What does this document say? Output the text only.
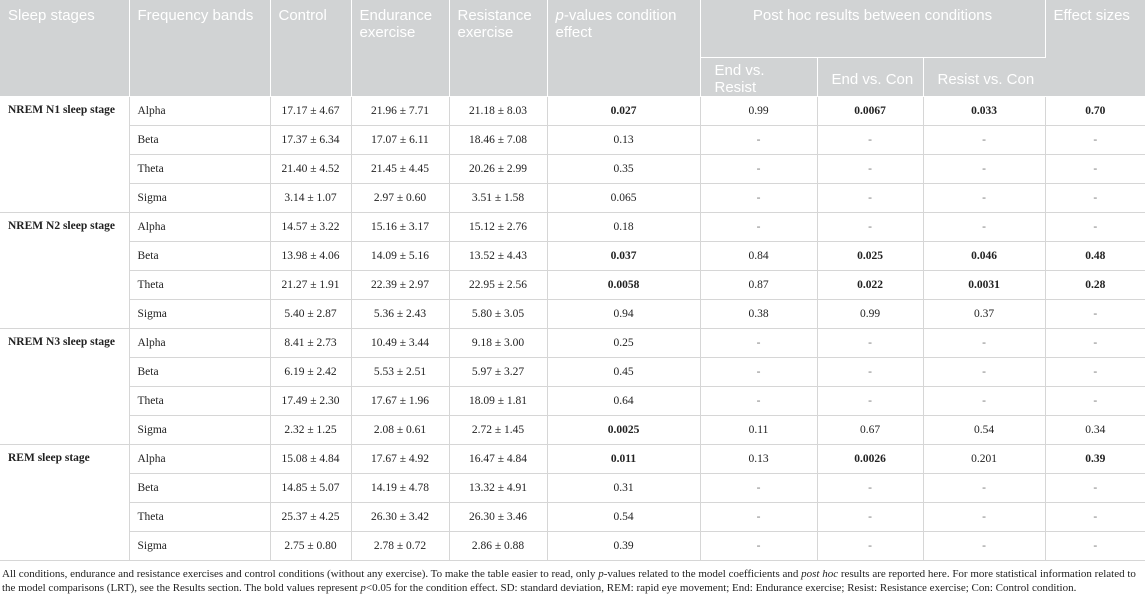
Sleep stages	Frequency bands	Control	Endurance exercise	Resistance exercise	p-values condition effect	Post hoc results between conditions			Effect sizes
						End vs. Resist	End vs. Con	Resist vs. Con	
NREM N1 sleep stage	Alpha	17.17 ± 4.67	21.96 ± 7.71	21.18 ± 8.03	0.027	0.99	0.0067	0.033	0.70
	Beta	17.37 ± 6.34	17.07 ± 6.11	18.46 ± 7.08	0.13	-	-	-	-
	Theta	21.40 ± 4.52	21.45 ± 4.45	20.26 ± 2.99	0.35	-	-	-	-
	Sigma	3.14 ± 1.07	2.97 ± 0.60	3.51 ± 1.58	0.065	-	-	-	-
NREM N2 sleep stage	Alpha	14.57 ± 3.22	15.16 ± 3.17	15.12 ± 2.76	0.18	-	-	-	-
	Beta	13.98 ± 4.06	14.09 ± 5.16	13.52 ± 4.43	0.037	0.84	0.025	0.046	0.48
	Theta	21.27 ± 1.91	22.39 ± 2.97	22.95 ± 2.56	0.0058	0.87	0.022	0.0031	0.28
	Sigma	5.40 ± 2.87	5.36 ± 2.43	5.80 ± 3.05	0.94	0.38	0.99	0.37	-
NREM N3 sleep stage	Alpha	8.41 ± 2.73	10.49 ± 3.44	9.18 ± 3.00	0.25	-	-	-	-
	Beta	6.19 ± 2.42	5.53 ± 2.51	5.97 ± 3.27	0.45	-	-	-	-
	Theta	17.49 ± 2.30	17.67 ± 1.96	18.09 ± 1.81	0.64	-	-	-	-
	Sigma	2.32 ± 1.25	2.08 ± 0.61	2.72 ± 1.45	0.0025	0.11	0.67	0.54	0.34
REM sleep stage	Alpha	15.08 ± 4.84	17.67 ± 4.92	16.47 ± 4.84	0.011	0.13	0.0026	0.201	0.39
	Beta	14.85 ± 5.07	14.19 ± 4.78	13.32 ± 4.91	0.31	-	-	-	-
	Theta	25.37 ± 4.25	26.30 ± 3.42	26.30 ± 3.46	0.54	-	-	-	-
	Sigma	2.75 ± 0.80	2.78 ± 0.72	2.86 ± 0.88	0.39	-	-	-	-
All conditions, endurance and resistance exercises and control conditions (without any exercise). To make the table easier to read, only p-values related to the model coefficients and post hoc results are reported here. For more statistical information related to the model comparisons (LRT), see the Results section. The bold values represent p<0.05 for the condition effect. SD: standard deviation, REM: rapid eye movement; End: Endurance exercise; Resist: Resistance exercise; Con: Control condition.
